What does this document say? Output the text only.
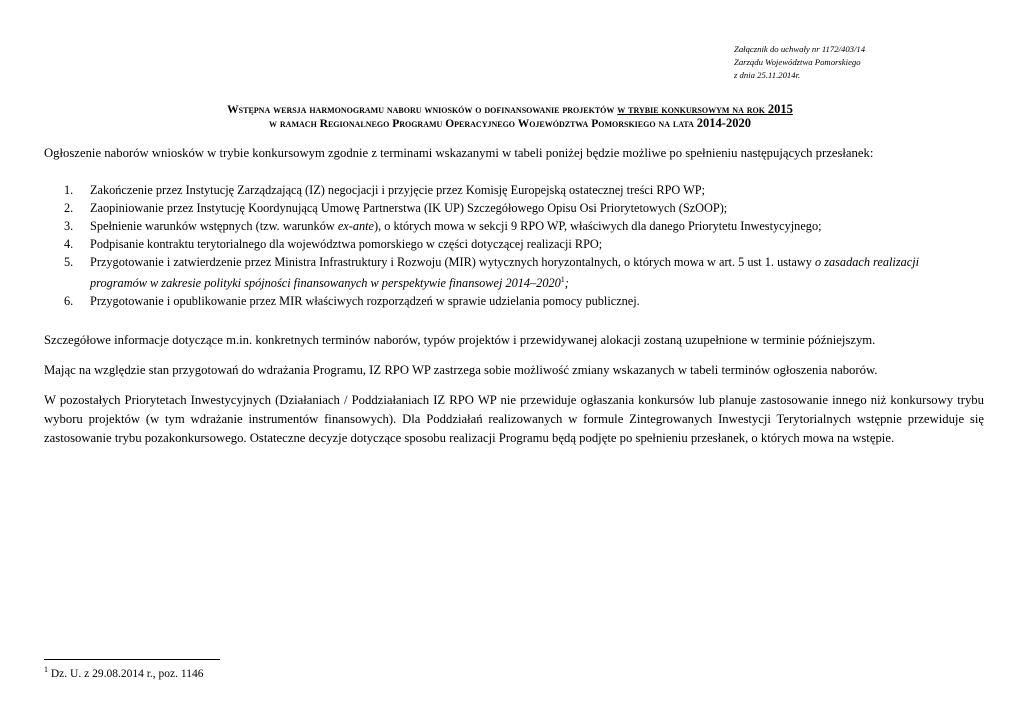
Załącznik do uchwały nr 1172/403/14
Zarządu Województwa Pomorskiego
z dnia 25.11.2014r.
Wstępna wersja harmonogramu naboru wniosków o dofinansowanie projektów w trybie konkursowym na rok 2015
w ramach Regionalnego Programu Operacyjnego Województwa Pomorskiego na lata 2014-2020
Ogłoszenie naborów wniosków w trybie konkursowym zgodnie z terminami wskazanymi w tabeli poniżej będzie możliwe po spełnieniu następujących przesłanek:
1.	Zakończenie przez Instytucję Zarządzającą (IZ) negocjacji i przyjęcie przez Komisję Europejską ostatecznej treści RPO WP;
2.	Zaopiniowanie przez Instytucję Koordynującą Umowę Partnerstwa (IK UP) Szczegółowego Opisu Osi Priorytetowych (SzOOP);
3.	Spełnienie warunków wstępnych (tzw. warunków ex-ante), o których mowa w sekcji 9 RPO WP, właściwych dla danego Priorytetu Inwestycyjnego;
4.	Podpisanie kontraktu terytorialnego dla województwa pomorskiego w części dotyczącej realizacji RPO;
5.	Przygotowanie i zatwierdzenie przez Ministra Infrastruktury i Rozwoju (MIR) wytycznych horyzontalnych, o których mowa w art. 5 ust 1. ustawy o zasadach realizacji programów w zakresie polityki spójności finansowanych w perspektywie finansowej 2014–2020$^1$;
6.	Przygotowanie i opublikowanie przez MIR właściwych rozporządzeń w sprawie udzielania pomocy publicznej.
Szczegółowe informacje dotyczące m.in. konkretnych terminów naborów, typów projektów i przewidywanej alokacji zostaną uzupełnione w terminie późniejszym.
Mając na względzie stan przygotowań do wdrażania Programu, IZ RPO WP zastrzega sobie możliwość zmiany wskazanych w tabeli terminów ogłoszenia naborów.
W pozostałych Priorytetach Inwestycyjnych (Działaniach / Poddziałaniach IZ RPO WP nie przewiduje ogłaszania konkursów lub planuje zastosowanie innego niż konkursowy trybu wyboru projektów (w tym wdrażanie instrumentów finansowych). Dla Poddziałań realizowanych w formule Zintegrowanych Inwestycji Terytorialnych wstępnie przewiduje się zastosowanie trybu pozakonkursowego. Ostateczne decyzje dotyczące sposobu realizacji Programu będą podjęte po spełnieniu przesłanek, o których mowa na wstępie.
$^1$ Dz. U. z 29.08.2014 r., poz. 1146
